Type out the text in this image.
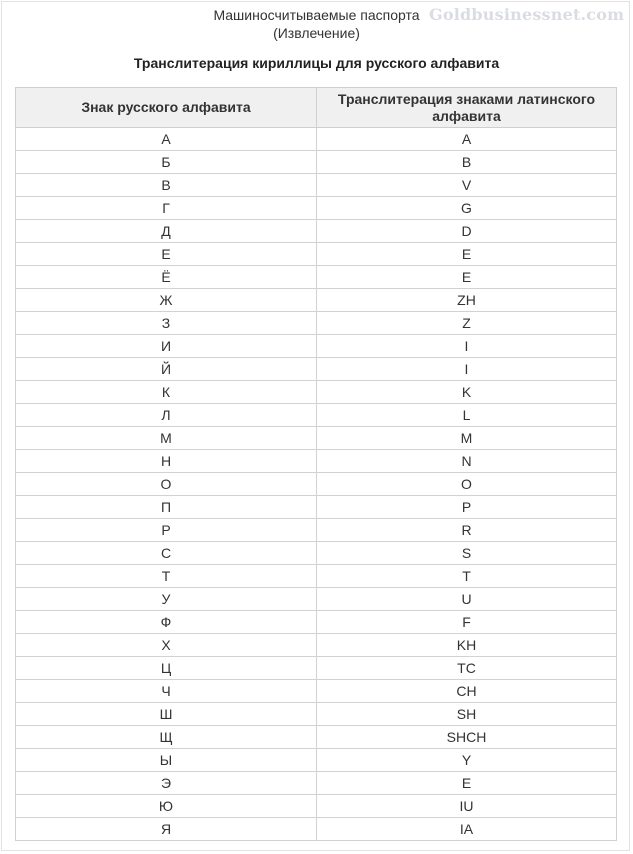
Машиносчитываемые паспорта
(Извлечение)
Goldbusinessnet.com
Транслитерация кириллицы для русского алфавита
Знак русского алфавита	Транслитерация знаками латинского алфавита
А	A
Б	B
В	V
Г	G
Д	D
Е	E
Ё	E
Ж	ZH
З	Z
И	I
Й	I
К	K
Л	L
М	M
Н	N
О	O
П	P
Р	R
С	S
Т	T
У	U
Ф	F
Х	KH
Ц	TC
Ч	CH
Ш	SH
Щ	SHCH
Ы	Y
Э	E
Ю	IU
Я	IA
